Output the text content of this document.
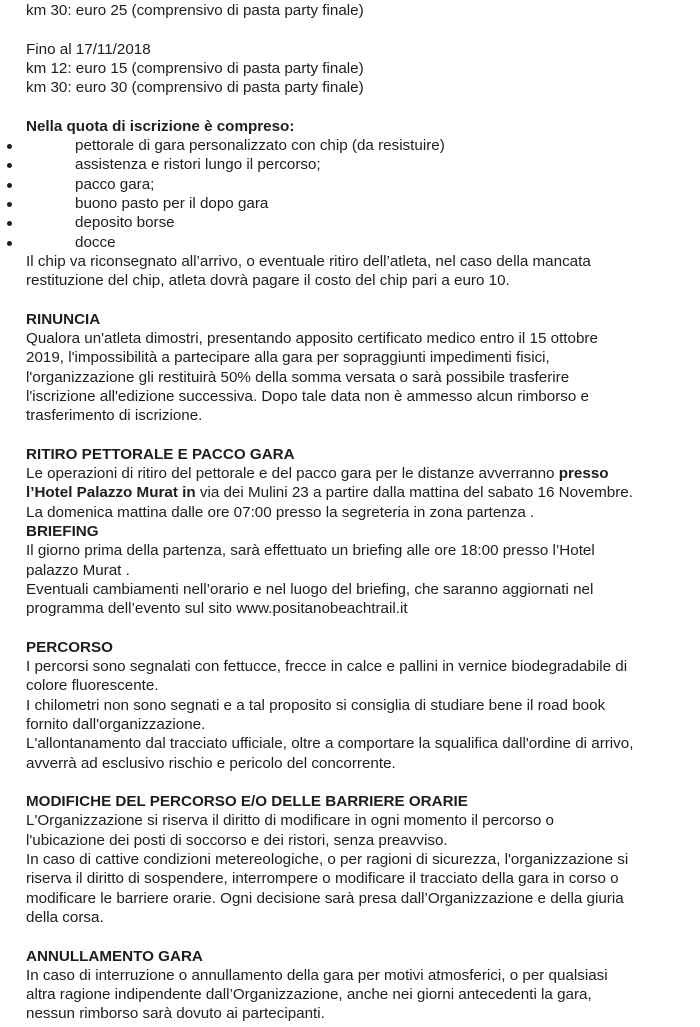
km 30: euro 25 (comprensivo di pasta party finale)
Fino al 17/11/2018
km 12: euro 15 (comprensivo di pasta party finale)
km 30: euro 30 (comprensivo di pasta party finale)
Nella quota di iscrizione è compreso:
pettorale di gara personalizzato con chip (da resistuire)
assistenza e ristori lungo il percorso;
pacco gara;
buono pasto per il dopo gara
deposito borse
docce
Il chip va riconsegnato all’arrivo, o eventuale ritiro dell’atleta, nel caso della mancata
restituzione del chip, atleta dovrà pagare il costo del chip pari a euro 10.
RINUNCIA
Qualora un'atleta dimostri, presentando apposito certificato medico entro il 15 ottobre
2019, l'impossibilità a partecipare alla gara per sopraggiunti impedimenti fisici,
l'organizzazione gli restituirà 50% della somma versata o sarà possibile trasferire
l'iscrizione all'edizione successiva. Dopo tale data non è ammesso alcun rimborso e
trasferimento di iscrizione.
RITIRO PETTORALE E PACCO GARA
Le operazioni di ritiro del pettorale e del pacco gara per le distanze avverranno presso
l’Hotel Palazzo Murat in via dei Mulini 23 a partire dalla mattina del sabato 16 Novembre.
La domenica mattina dalle ore 07:00 presso la segreteria in zona partenza .
BRIEFING
Il giorno prima della partenza, sarà effettuato un briefing alle ore 18:00 presso l’Hotel
palazzo Murat .
Eventuali cambiamenti nell’orario e nel luogo del briefing, che saranno aggiornati nel
programma dell’evento sul sito www.positanobeachtrail.it
PERCORSO
I percorsi sono segnalati con fettucce, frecce in calce e pallini in vernice biodegradabile di
colore fluorescente.
I chilometri non sono segnati e a tal proposito si consiglia di studiare bene il road book
fornito dall'organizzazione.
L'allontanamento dal tracciato ufficiale, oltre a comportare la squalifica dall'ordine di arrivo,
avverrà ad esclusivo rischio e pericolo del concorrente.
MODIFICHE DEL PERCORSO E/O DELLE BARRIERE ORARIE
L'Organizzazione si riserva il diritto di modificare in ogni momento il percorso o
l'ubicazione dei posti di soccorso e dei ristori, senza preavviso.
In caso di cattive condizioni metereologiche, o per ragioni di sicurezza, l'organizzazione si
riserva il diritto di sospendere, interrompere o modificare il tracciato della gara in corso o
modificare le barriere orarie. Ogni decisione sarà presa dall’Organizzazione e della giuria
della corsa.
ANNULLAMENTO GARA
In caso di interruzione o annullamento della gara per motivi atmosferici, o per qualsiasi
altra ragione indipendente dall’Organizzazione, anche nei giorni antecedenti la gara,
nessun rimborso sarà dovuto ai partecipanti.
